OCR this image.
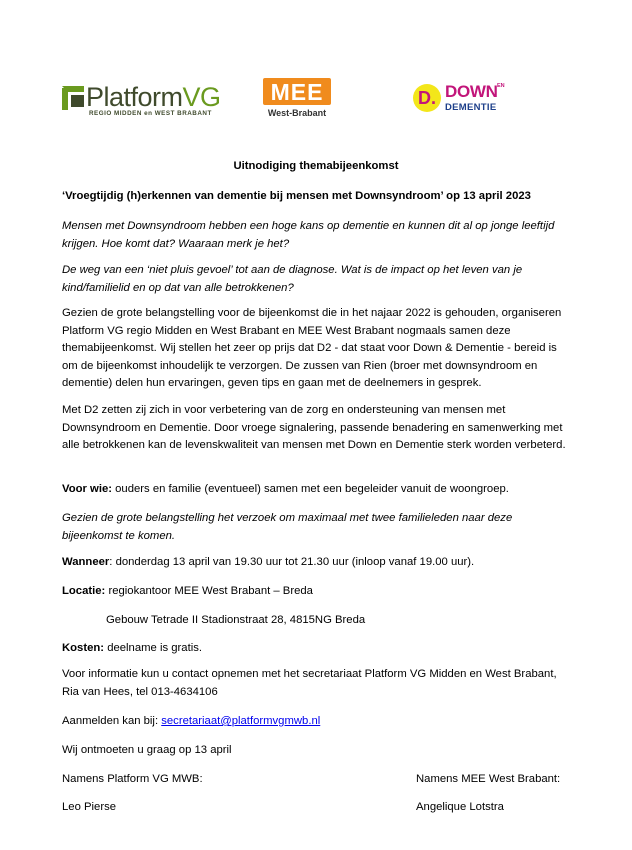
PlatformVG
REGIO MIDDEN en WEST BRABANT
MEE
West-Brabant
D. DOWN EN
DEMENTIE

Uitnodiging themabijeenkomst

‘Vroegtijdig (h)erkennen van dementie bij mensen met Downsyndroom’ op 13 april 2023

Mensen met Downsyndroom hebben een hoge kans op dementie en kunnen dit al op jonge leeftijd krijgen. Hoe komt dat? Waaraan merk je het?

De weg van een ‘niet pluis gevoel’ tot aan de diagnose. Wat is de impact op het leven van je kind/familielid en op dat van alle betrokkenen?

Gezien de grote belangstelling voor de bijeenkomst die in het najaar 2022 is gehouden, organiseren Platform VG regio Midden en West Brabant en MEE West Brabant nogmaals samen deze themabijeenkomst. Wij stellen het zeer op prijs dat D2 - dat staat voor Down & Dementie - bereid is om de bijeenkomst inhoudelijk te verzorgen. De zussen van Rien (broer met downsyndroom en dementie) delen hun ervaringen, geven tips en gaan met de deelnemers in gesprek.

Met D2 zetten zij zich in voor verbetering van de zorg en ondersteuning van mensen met Downsyndroom en Dementie. Door vroege signalering, passende benadering en samenwerking met alle betrokkenen kan de levenskwaliteit van mensen met Down en Dementie sterk worden verbeterd.

Voor wie: ouders en familie (eventueel) samen met een begeleider vanuit de woongroep.

Gezien de grote belangstelling het verzoek om maximaal met twee familieleden naar deze bijeenkomst te komen.

Wanneer: donderdag 13 april van 19.30 uur tot 21.30 uur (inloop vanaf 19.00 uur).

Locatie: regiokantoor MEE West Brabant – Breda

Gebouw Tetrade II Stadionstraat 28, 4815NG Breda

Kosten: deelname is gratis.

Voor informatie kun u contact opnemen met het secretariaat Platform VG Midden en West Brabant, Ria van Hees, tel 013-4634106

Aanmelden kan bij: secretariaat@platformvgmwb.nl

Wij ontmoeten u graag op 13 april

Namens Platform VG MWB:	Namens MEE West Brabant:

Leo Pierse	Angelique Lotstra
